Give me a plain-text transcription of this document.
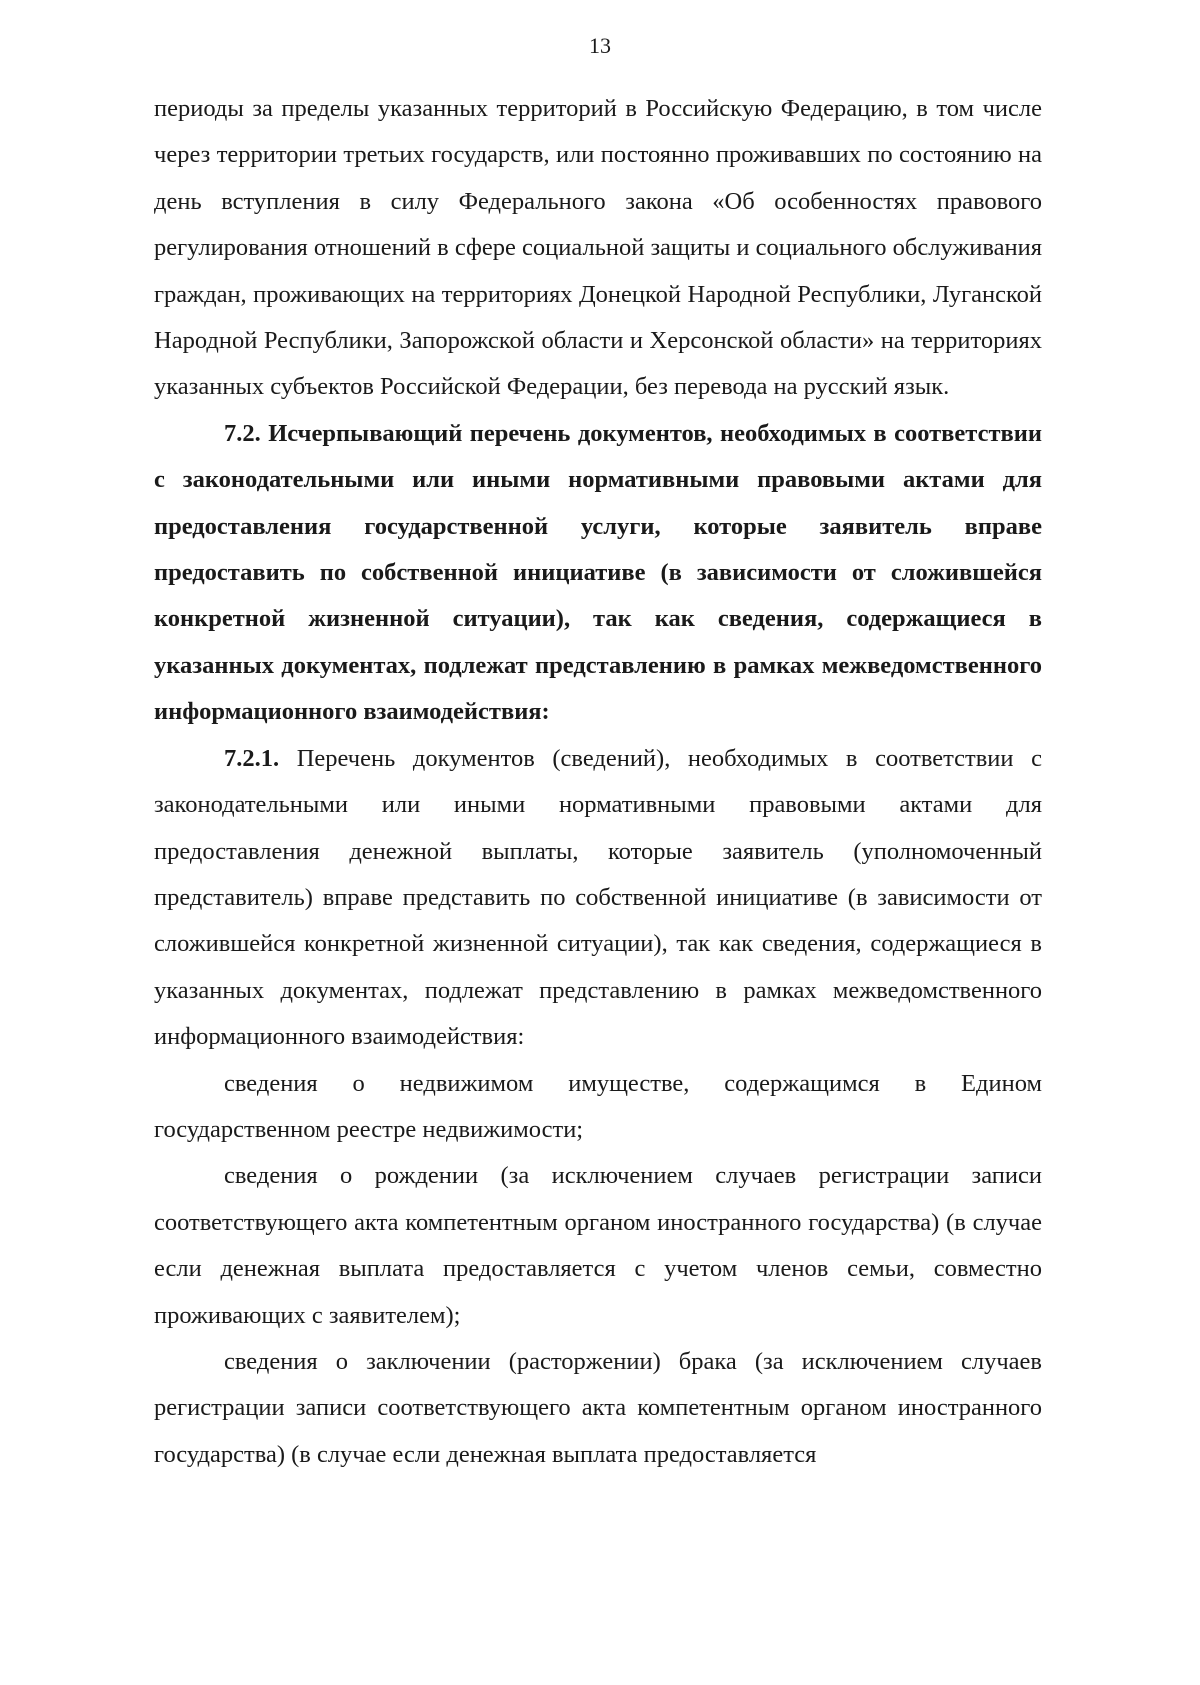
13

периоды за пределы указанных территорий в Российскую Федерацию, в том числе через территории третьих государств, или постоянно проживавших по состоянию на день вступления в силу Федерального закона «Об особенностях правового регулирования отношений в сфере социальной защиты и социального обслуживания граждан, проживающих на территориях Донецкой Народной Республики, Луганской Народной Республики, Запорожской области и Херсонской области» на территориях указанных субъектов Российской Федерации, без перевода на русский язык.

7.2. Исчерпывающий перечень документов, необходимых в соответствии с законодательными или иными нормативными правовыми актами для предоставления государственной услуги, которые заявитель вправе предоставить по собственной инициативе (в зависимости от сложившейся конкретной жизненной ситуации), так как сведения, содержащиеся в указанных документах, подлежат представлению в рамках межведомственного информационного взаимодействия:

7.2.1. Перечень документов (сведений), необходимых в соответствии с законодательными или иными нормативными правовыми актами для предоставления денежной выплаты, которые заявитель (уполномоченный представитель) вправе представить по собственной инициативе (в зависимости от сложившейся конкретной жизненной ситуации), так как сведения, содержащиеся в указанных документах, подлежат представлению в рамках межведомственного информационного взаимодействия:

сведения о недвижимом имуществе, содержащимся в Едином государственном реестре недвижимости;

сведения о рождении (за исключением случаев регистрации записи соответствующего акта компетентным органом иностранного государства) (в случае если денежная выплата предоставляется с учетом членов семьи, совместно проживающих с заявителем);

сведения о заключении (расторжении) брака (за исключением случаев регистрации записи соответствующего акта компетентным органом иностранного государства) (в случае если денежная выплата предоставляется
